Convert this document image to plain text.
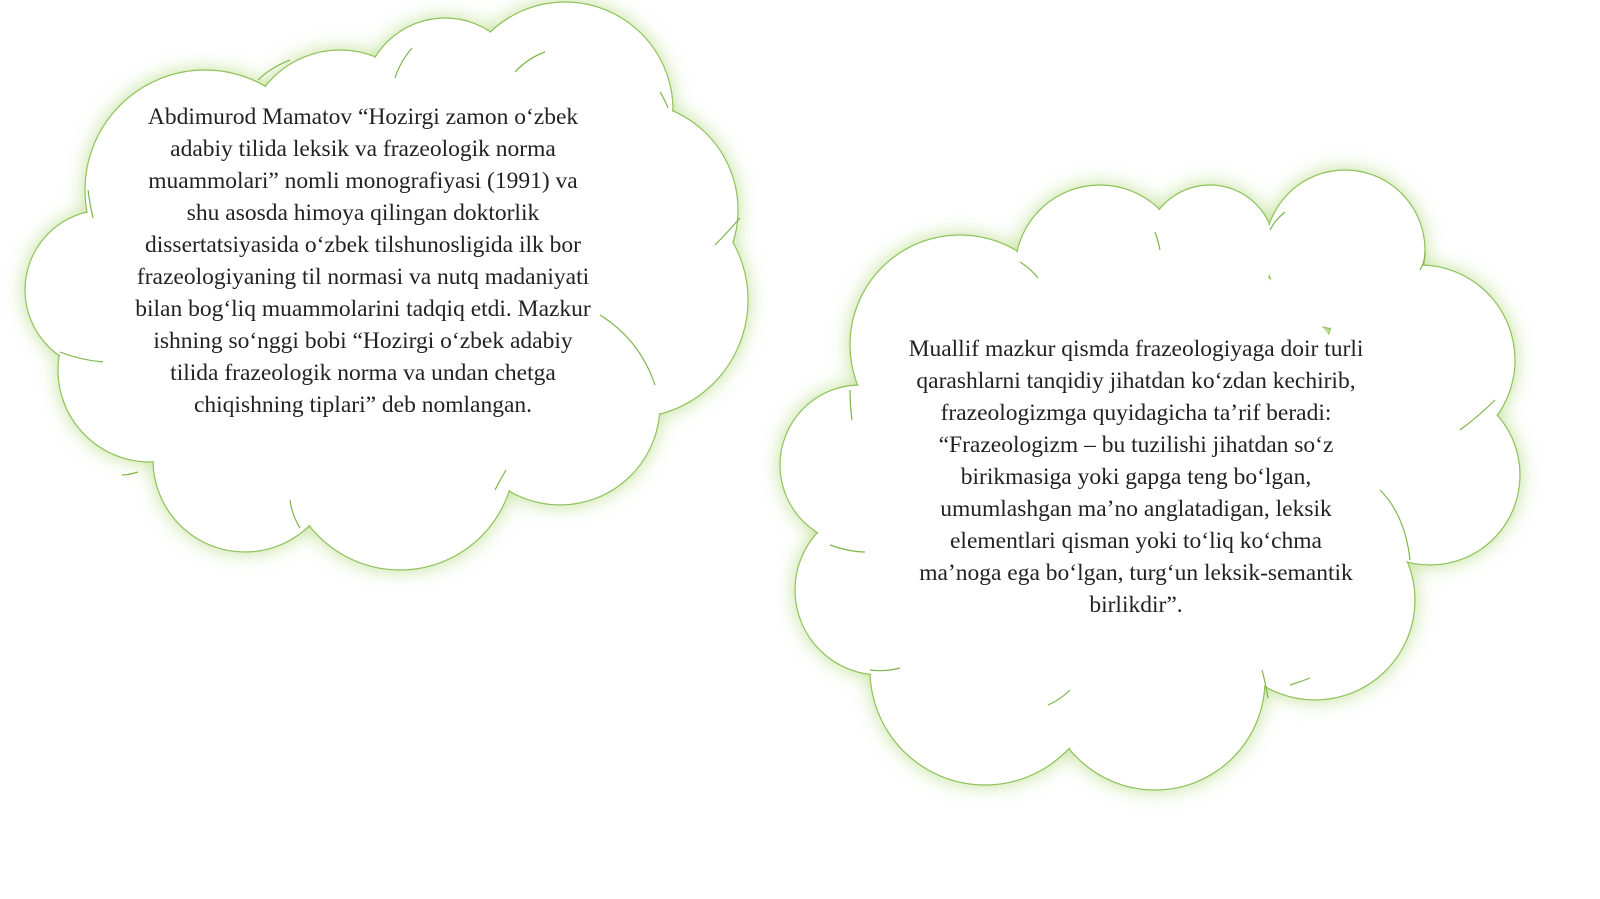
Abdimurod Mamatov “Hozirgi zamon o‘zbek adabiy tilida leksik va frazeologik norma muammolari” nomli monografiyasi (1991) va shu asosda himoya qilingan doktorlik dissertatsiyasida o‘zbek tilshunosligida ilk bor frazeologiyaning til normasi va nutq madaniyati bilan bog‘liq muammolarini tadqiq etdi. Mazkur ishning so‘nggi bobi “Hozirgi o‘zbek adabiy tilida frazeologik norma va undan chetga chiqishning tiplari” deb nomlangan.
Muallif mazkur qismda frazeologiyaga doir turli qarashlarni tanqidiy jihatdan ko‘zdan kechirib, frazeologizmga quyidagicha ta’rif beradi: “Frazeologizm – bu tuzilishi jihatdan so‘z birikmasiga yoki gapga teng bo‘lgan, umumlashgan ma’no anglatadigan, leksik elementlari qisman yoki to‘liq ko‘chma ma’noga ega bo‘lgan, turg‘un leksik-semantik birlikdir”.
